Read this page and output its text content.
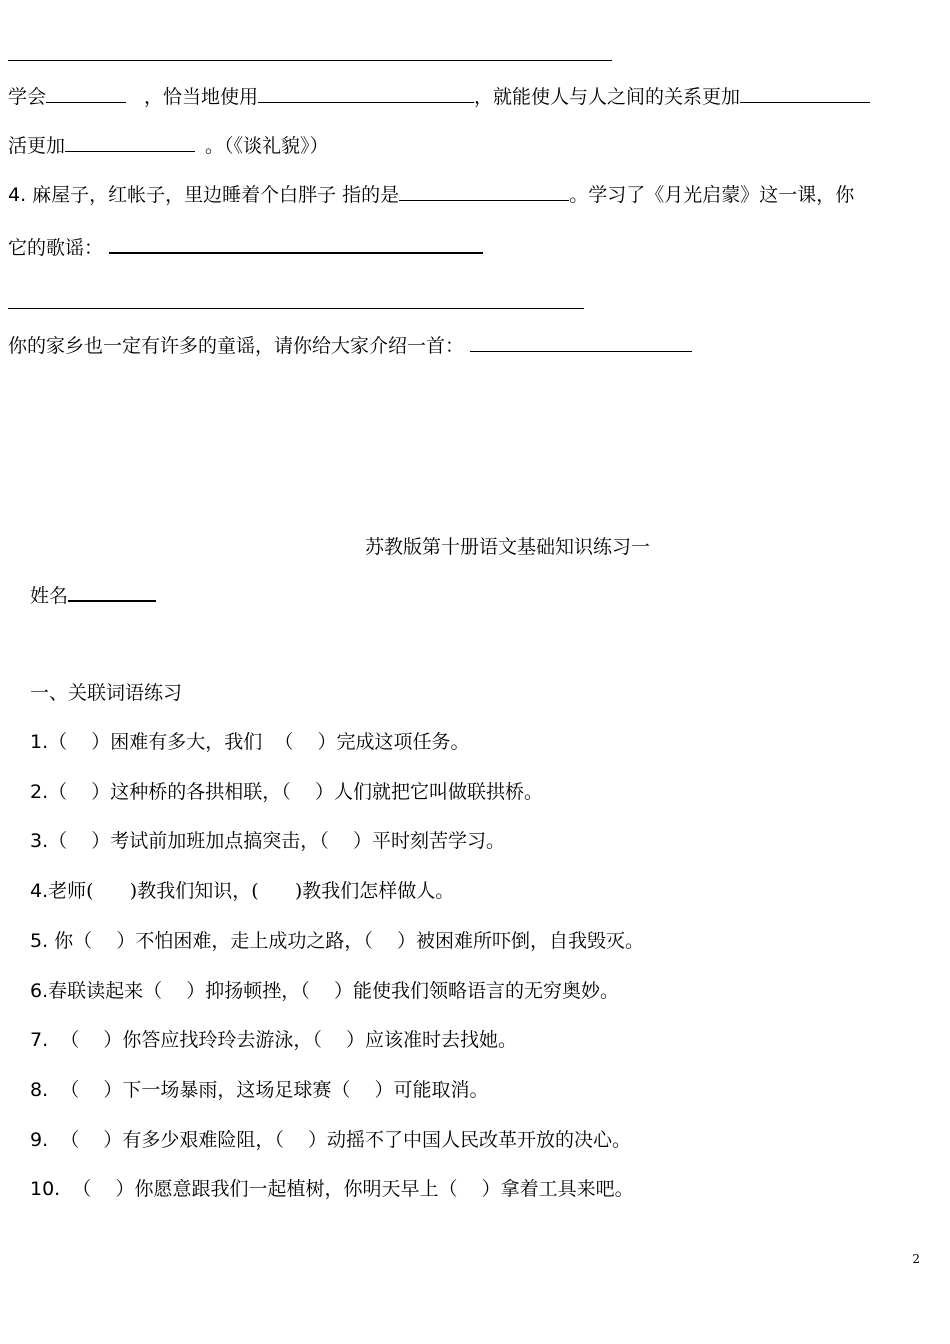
学会	，恰当地使用	，就能使人与人之间的关系更加
活更加	。（《谈礼貌》）
4. 麻屋子，红帐子，里边睡着个白胖子 指的是	。学习了《月光启蒙》这一课，你
它的歌谣：
你的家乡也一定有许多的童谣，请你给大家介绍一首：
苏教版第十册语文基础知识练习一
姓名
一、关联词语练习
1.（    ）困难有多大，我们  （    ）完成这项任务。
2.（    ）这种桥的各拱相联，（    ）人们就把它叫做联拱桥。
3.（    ）考试前加班加点搞突击，（    ）平时刻苦学习。
4.老师(      )教我们知识，(      )教我们怎样做人。
5. 你（    ）不怕困难，走上成功之路，（    ）被困难所吓倒，自我毁灭。
6.春联读起来（    ）抑扬顿挫，（    ）能使我们领略语言的无穷奥妙。
7.  （    ）你答应找玲玲去游泳，（    ）应该准时去找她。
8.  （    ）下一场暴雨，这场足球赛（    ）可能取消。
9.  （    ）有多少艰难险阻，（    ）动摇不了中国人民改革开放的决心。
10.  （    ）你愿意跟我们一起植树，你明天早上（    ）拿着工具来吧。
2
